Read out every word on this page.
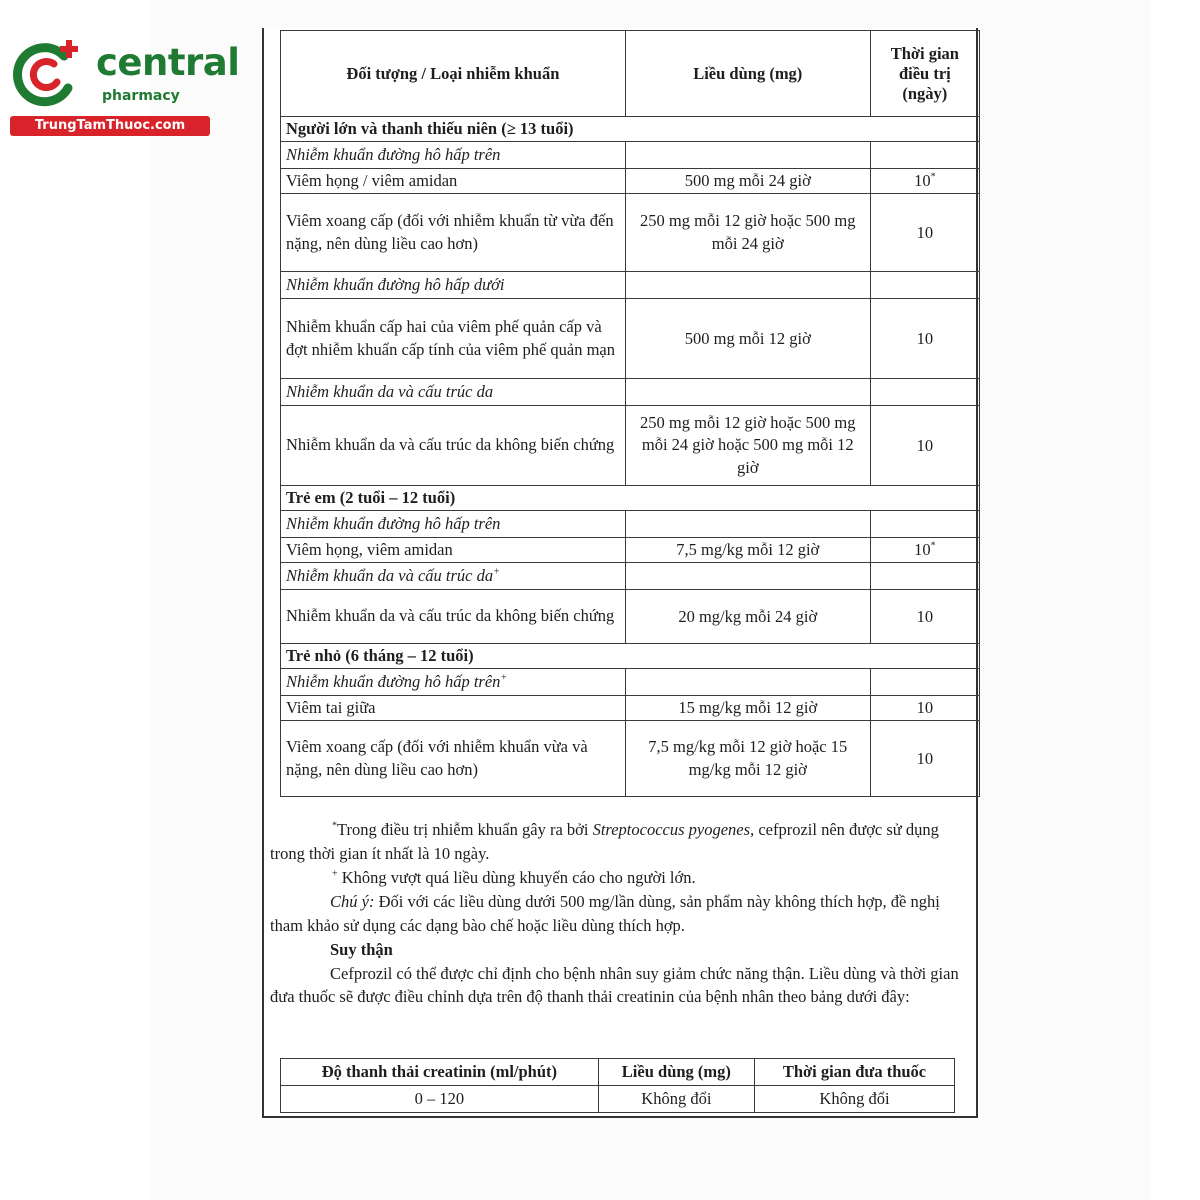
central
pharmacy
TrungTamThuoc.com
Đối tượng / Loại nhiễm khuẩn	Liều dùng (mg)	Thời gian điều trị (ngày)
Người lớn và thanh thiếu niên (≥ 13 tuổi)		
Nhiễm khuẩn đường hô hấp trên		
Viêm họng / viêm amidan	500 mg mỗi 24 giờ	10*
Viêm xoang cấp (đối với nhiễm khuẩn từ vừa đến nặng, nên dùng liều cao hơn)	250 mg mỗi 12 giờ hoặc 500 mg mỗi 24 giờ	10
Nhiễm khuẩn đường hô hấp dưới		
Nhiễm khuẩn cấp hai của viêm phế quản cấp và đợt nhiễm khuẩn cấp tính của viêm phế quản mạn	500 mg mỗi 12 giờ	10
Nhiễm khuẩn da và cấu trúc da		
Nhiễm khuẩn da và cấu trúc da không biến chứng	250 mg mỗi 12 giờ hoặc 500 mg mỗi 24 giờ hoặc 500 mg mỗi 12 giờ	10
Trẻ em (2 tuổi – 12 tuổi)		
Nhiễm khuẩn đường hô hấp trên		
Viêm họng, viêm amidan	7,5 mg/kg mỗi 12 giờ	10*
Nhiễm khuẩn da và cấu trúc da+		
Nhiễm khuẩn da và cấu trúc da không biến chứng	20 mg/kg mỗi 24 giờ	10
Trẻ nhỏ (6 tháng – 12 tuổi)		
Nhiễm khuẩn đường hô hấp trên+		
Viêm tai giữa	15 mg/kg mỗi 12 giờ	10
Viêm xoang cấp (đối với nhiễm khuẩn vừa và nặng, nên dùng liều cao hơn)	7,5 mg/kg mỗi 12 giờ hoặc 15 mg/kg mỗi 12 giờ	10

*Trong điều trị nhiễm khuẩn gây ra bởi Streptococcus pyogenes, cefprozil nên được sử dụng trong thời gian ít nhất là 10 ngày.

+ Không vượt quá liều dùng khuyến cáo cho người lớn.

Chú ý: Đối với các liều dùng dưới 500 mg/lần dùng, sản phẩm này không thích hợp, đề nghị tham khảo sử dụng các dạng bào chế hoặc liều dùng thích hợp.

Suy thận

Cefprozil có thể được chỉ định cho bệnh nhân suy giảm chức năng thận. Liều dùng và thời gian đưa thuốc sẽ được điều chỉnh dựa trên độ thanh thải creatinin của bệnh nhân theo bảng dưới đây:

Độ thanh thải creatinin (ml/phút)	Liều dùng (mg)	Thời gian đưa thuốc
0 – 120	Không đổi	Không đổi
